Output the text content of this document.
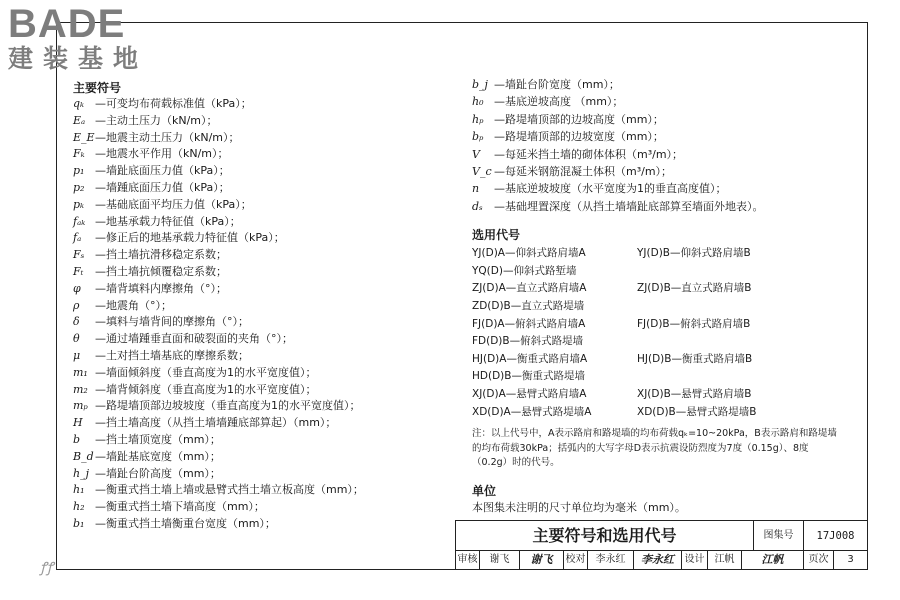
BADE
建装基地
主要符号
qₖ —可变均布荷载标准值（kPa）；
Eₐ —主动土压力（kN/m）；
E_E—地震主动土压力（kN/m）；
Fₖ —地震水平作用（kN/m）；
p₁ —墙趾底面压力值（kPa）；
p₂ —墙踵底面压力值（kPa）；
pₖ —基础底面平均压力值（kPa）；
fₐₖ —地基承载力特征值（kPa）；
fₐ —修正后的地基承载力特征值（kPa）；
Fₛ —挡土墙抗滑移稳定系数；
Fₜ —挡土墙抗倾覆稳定系数；
φ —墙背填料内摩擦角（°）；
ρ —地震角（°）；
δ —填料与墙背间的摩擦角（°）；
θ —通过墙踵垂直面和破裂面的夹角（°）；
μ —土对挡土墙基底的摩擦系数；
m₁ —墙面倾斜度（垂直高度为1的水平宽度值）；
m₂ —墙背倾斜度（垂直高度为1的水平宽度值）；
mₚ —路堤墙顶部边坡坡度（垂直高度为1的水平宽度值）；
H —挡土墙高度（从挡土墙墙踵底部算起）（mm）；
b —挡土墙顶宽度（mm）；
B_d—墙趾基底宽度（mm）；
h_j —墙趾台阶高度（mm）；
h₁ —衡重式挡土墙上墙或悬臂式挡土墙立板高度（mm）；
h₂ —衡重式挡土墙下墙高度（mm）；
b₁ —衡重式挡土墙衡重台宽度（mm）；
b_j —墙趾台阶宽度（mm）；
h₀ —基底逆坡高度 （mm）；
hₚ —路堤墙顶部的边坡高度（mm）；
bₚ —路堤墙顶部的边坡宽度（mm）；
V —每延米挡土墙的砌体体积（m³/m）；
V_c —每延米钢筋混凝土体积（m³/m）；
n —基底逆坡坡度（水平宽度为1的垂直高度值）；
dₛ —基础埋置深度（从挡土墙墙趾底部算至墙面外地表）。
选用代号
YJ(D)A—仰斜式路肩墙A	YJ(D)B—仰斜式路肩墙B
YQ(D)—仰斜式路堑墙
ZJ(D)A—直立式路肩墙A	ZJ(D)B—直立式路肩墙B
ZD(D)B—直立式路堤墙
FJ(D)A—俯斜式路肩墙A	FJ(D)B—俯斜式路肩墙B
FD(D)B—俯斜式路堤墙
HJ(D)A—衡重式路肩墙A	HJ(D)B—衡重式路肩墙B
HD(D)B—衡重式路堤墙
XJ(D)A—悬臂式路肩墙A	XJ(D)B—悬臂式路肩墙B
XD(D)A—悬臂式路堤墙A	XD(D)B—悬臂式路堤墙B
注：以上代号中，A表示路肩和路堤墙的均布荷载qₖ=10~20kPa，B表示路肩和路堤墙的均布荷载30kPa；括弧内的大写字母D表示抗震设防烈度为7度（0.15g）、8度（0.2g）时的代号。
单位
本图集未注明的尺寸单位均为毫米（mm）。
主要符号和选用代号	图集号	17J008
审核	谢飞	谢飞	校对	李永红	李永红	设计	江帆	江帆	页次	3
ꝭꝭ
